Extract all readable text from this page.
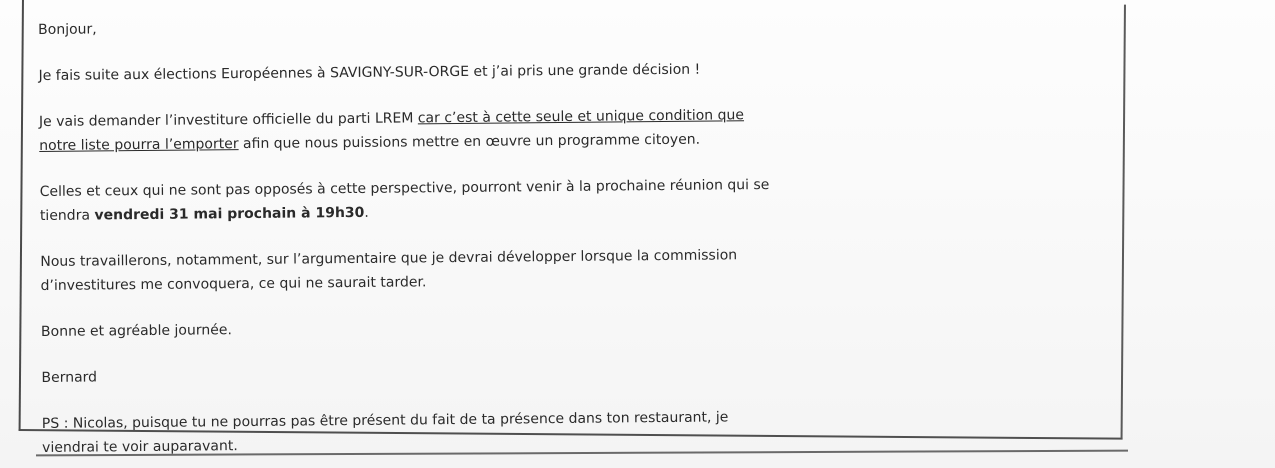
Bonjour,

Je fais suite aux élections Européennes à SAVIGNY-SUR-ORGE et j’ai pris une grande décision !

Je vais demander l’investiture officielle du parti LREM car c’est à cette seule et unique condition que
notre liste pourra l’emporter afin que nous puissions mettre en œuvre un programme citoyen.

Celles et ceux qui ne sont pas opposés à cette perspective, pourront venir à la prochaine réunion qui se
tiendra vendredi 31 mai prochain à 19h30.

Nous travaillerons, notamment, sur l’argumentaire que je devrai développer lorsque la commission
d’investitures me convoquera, ce qui ne saurait tarder.

Bonne et agréable journée.

Bernard

PS : Nicolas, puisque tu ne pourras pas être présent du fait de ta présence dans ton restaurant, je
viendrai te voir auparavant.
